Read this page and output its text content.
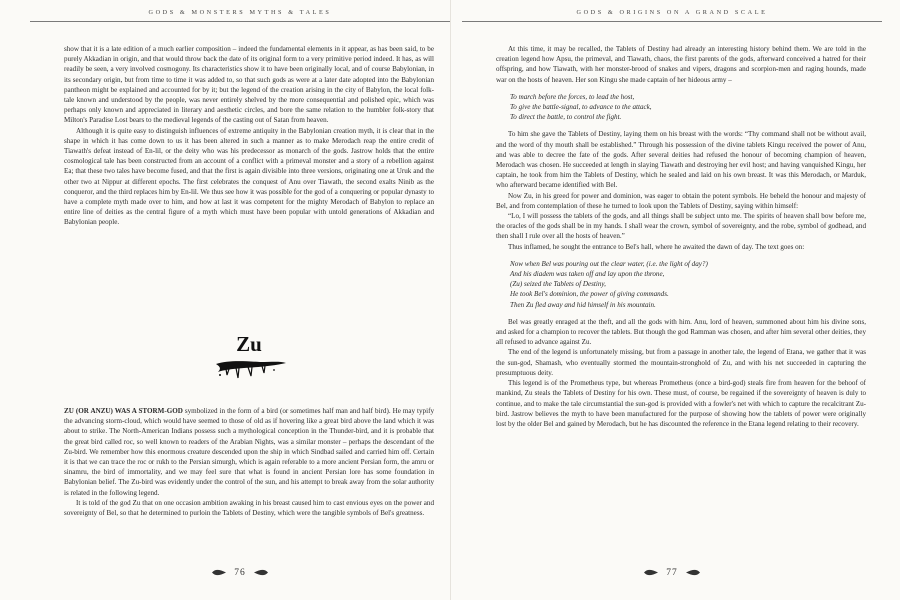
GODS & MONSTERS MYTHS & TALES

show that it is a late edition of a much earlier composition – indeed the fundamental elements in it appear, as has been said, to be purely Akkadian in origin, and that would throw back the date of its original form to a very primitive period indeed. It has, as will readily be seen, a very involved cosmogony. Its characteristics show it to have been originally local, and of course Babylonian, in its secondary origin, but from time to time it was added to, so that such gods as were at a later date adopted into the Babylonian pantheon might be explained and accounted for by it; but the legend of the creation arising in the city of Babylon, the local folk-tale known and understood by the people, was never entirely shelved by the more consequential and polished epic, which was perhaps only known and appreciated in literary and aesthetic circles, and bore the same relation to the humbler folk-story that Milton's Paradise Lost bears to the medieval legends of the casting out of Satan from heaven.

Although it is quite easy to distinguish influences of extreme antiquity in the Babylonian creation myth, it is clear that in the shape in which it has come down to us it has been altered in such a manner as to make Merodach reap the entire credit of Tiawath's defeat instead of En-lil, or the deity who was his predecessor as monarch of the gods. Jastrow holds that the entire cosmological tale has been constructed from an account of a conflict with a primeval monster and a story of a rebellion against Ea; that these two tales have become fused, and that the first is again divisible into three versions, originating one at Uruk and the other two at Nippur at different epochs. The first celebrates the conquest of Anu over Tiawath, the second exalts Ninib as the conqueror, and the third replaces him by En-lil. We thus see how it was possible for the god of a conquering or popular dynasty to have a complete myth made over to him, and how at last it was competent for the mighty Merodach of Babylon to replace an entire line of deities as the central figure of a myth which must have been popular with untold generations of Akkadian and Babylonian people.

Zu

ZU (OR ANZU) WAS A STORM-GOD symbolized in the form of a bird (or sometimes half man and half bird). He may typify the advancing storm-cloud, which would have seemed to those of old as if hovering like a great bird above the land which it was about to strike. The North-American Indians possess such a mythological conception in the Thunder-bird, and it is probable that the great bird called roc, so well known to readers of the Arabian Nights, was a similar monster – perhaps the descendant of the Zu-bird. We remember how this enormous creature descended upon the ship in which Sindbad sailed and carried him off. Certain it is that we can trace the roc or rukh to the Persian simurgh, which is again referable to a more ancient Persian form, the amru or sinamru, the bird of immortality, and we may feel sure that what is found in ancient Persian lore has some foundation in Babylonian belief. The Zu-bird was evidently under the control of the sun, and his attempt to break away from the solar authority is related in the following legend.

It is told of the god Zu that on one occasion ambition awaking in his breast caused him to cast envious eyes on the power and sovereignty of Bel, so that he determined to purloin the Tablets of Destiny, which were the tangible symbols of Bel's greatness.

76
GODS & ORIGINS ON A GRAND SCALE

At this time, it may be recalled, the Tablets of Destiny had already an interesting history behind them. We are told in the creation legend how Apsu, the primeval, and Tiawath, chaos, the first parents of the gods, afterward conceived a hatred for their offspring, and how Tiawath, with her monster-brood of snakes and vipers, dragons and scorpion-men and raging hounds, made war on the hosts of heaven. Her son Kingu she made captain of her hideous army –

To march before the forces, to lead the host,
To give the battle-signal, to advance to the attack,
To direct the battle, to control the fight.

To him she gave the Tablets of Destiny, laying them on his breast with the words: “Thy command shall not be without avail, and the word of thy mouth shall be established.” Through his possession of the divine tablets Kingu received the power of Anu, and was able to decree the fate of the gods. After several deities had refused the honour of becoming champion of heaven, Merodach was chosen. He succeeded at length in slaying Tiawath and destroying her evil host; and having vanquished Kingu, her captain, he took from him the Tablets of Destiny, which he sealed and laid on his own breast. It was this Merodach, or Marduk, who afterward became identified with Bel.

Now Zu, in his greed for power and dominion, was eager to obtain the potent symbols. He beheld the honour and majesty of Bel, and from contemplation of these he turned to look upon the Tablets of Destiny, saying within himself:

“Lo, I will possess the tablets of the gods, and all things shall be subject unto me. The spirits of heaven shall bow before me, the oracles of the gods shall be in my hands. I shall wear the crown, symbol of sovereignty, and the robe, symbol of godhead, and then shall I rule over all the hosts of heaven.”

Thus inflamed, he sought the entrance to Bel's hall, where he awaited the dawn of day. The text goes on:

Now when Bel was pouring out the clear water, (i.e. the light of day?)
And his diadem was taken off and lay upon the throne,
(Zu) seized the Tablets of Destiny,
He took Bel's dominion, the power of giving commands.
Then Zu fled away and hid himself in his mountain.

Bel was greatly enraged at the theft, and all the gods with him. Anu, lord of heaven, summoned about him his divine sons, and asked for a champion to recover the tablets. But though the god Ramman was chosen, and after him several other deities, they all refused to advance against Zu.

The end of the legend is unfortunately missing, but from a passage in another tale, the legend of Etana, we gather that it was the sun-god, Shamash, who eventually stormed the mountain-stronghold of Zu, and with his net succeeded in capturing the presumptuous deity.

This legend is of the Prometheus type, but whereas Prometheus (once a bird-god) steals fire from heaven for the behoof of mankind, Zu steals the Tablets of Destiny for his own. These must, of course, be regained if the sovereignty of heaven is duly to continue, and to make the tale circumstantial the sun-god is provided with a fowler's net with which to capture the recalcitrant Zu-bird. Jastrow believes the myth to have been manufactured for the purpose of showing how the tablets of power were originally lost by the older Bel and gained by Merodach, but he has discounted the reference in the Etana legend relating to their recovery.

77
